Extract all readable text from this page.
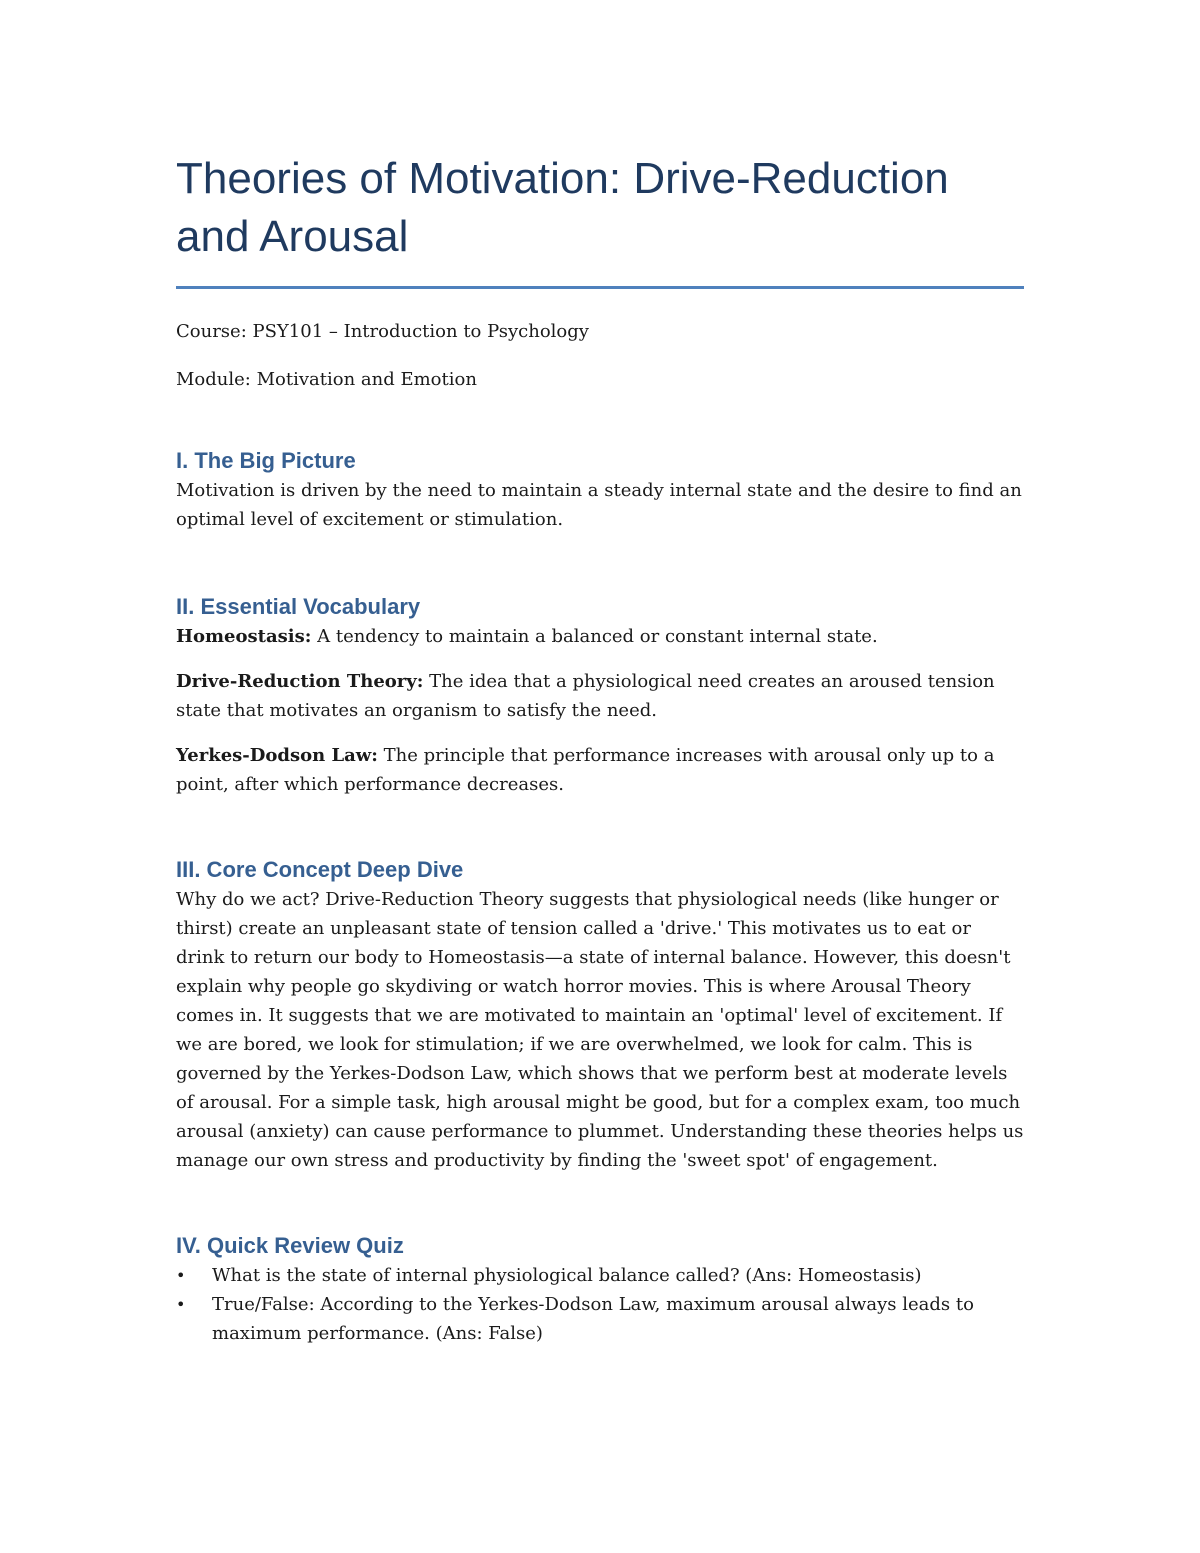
Theories of Motivation: Drive-Reduction and Arousal

Course: PSY101 – Introduction to Psychology

Module: Motivation and Emotion

I. The Big Picture

Motivation is driven by the need to maintain a steady internal state and the desire to find an optimal level of excitement or stimulation.

II. Essential Vocabulary

Homeostasis: A tendency to maintain a balanced or constant internal state.

Drive-Reduction Theory: The idea that a physiological need creates an aroused tension state that motivates an organism to satisfy the need.

Yerkes-Dodson Law: The principle that performance increases with arousal only up to a point, after which performance decreases.

III. Core Concept Deep Dive

Why do we act? Drive-Reduction Theory suggests that physiological needs (like hunger or thirst) create an unpleasant state of tension called a 'drive.' This motivates us to eat or drink to return our body to Homeostasis—a state of internal balance. However, this doesn't explain why people go skydiving or watch horror movies. This is where Arousal Theory comes in. It suggests that we are motivated to maintain an 'optimal' level of excitement. If we are bored, we look for stimulation; if we are overwhelmed, we look for calm. This is governed by the Yerkes-Dodson Law, which shows that we perform best at moderate levels of arousal. For a simple task, high arousal might be good, but for a complex exam, too much arousal (anxiety) can cause performance to plummet. Understanding these theories helps us manage our own stress and productivity by finding the 'sweet spot' of engagement.

IV. Quick Review Quiz
•	What is the state of internal physiological balance called? (Ans: Homeostasis)
•	True/False: According to the Yerkes-Dodson Law, maximum arousal always leads to maximum performance. (Ans: False)
